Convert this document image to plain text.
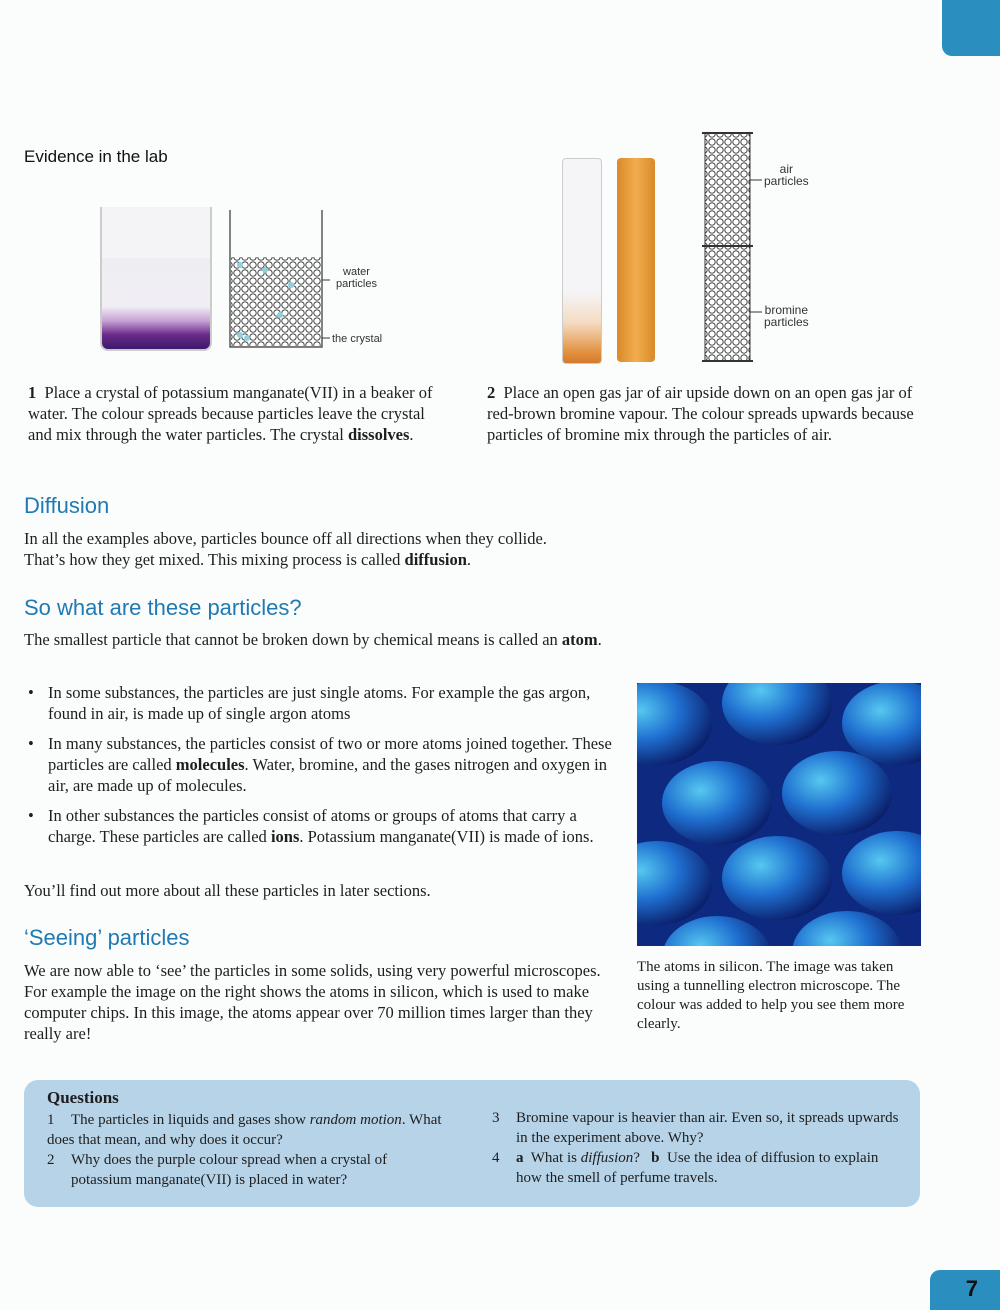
Evidence in the lab
water
particles
the crystal
air
particles
bromine
particles
1 Place a crystal of potassium manganate(VII) in a beaker of water. The colour spreads because particles leave the crystal and mix through the water particles. The crystal dissolves.
2 Place an open gas jar of air upside down on an open gas jar of red-brown bromine vapour. The colour spreads upwards because particles of bromine mix through the particles of air.
Diffusion
In all the examples above, particles bounce off all directions when they collide. That’s how they get mixed. This mixing process is called diffusion.
So what are these particles?
The smallest particle that cannot be broken down by chemical means is called an atom.
• In some substances, the particles are just single atoms. For example the gas argon, found in air, is made up of single argon atoms
• In many substances, the particles consist of two or more atoms joined together. These particles are called molecules. Water, bromine, and the gases nitrogen and oxygen in air, are made up of molecules.
• In other substances the particles consist of atoms or groups of atoms that carry a charge. These particles are called ions. Potassium manganate(VII) is made of ions.
You’ll find out more about all these particles in later sections.
‘Seeing’ particles
We are now able to ‘see’ the particles in some solids, using very powerful microscopes. For example the image on the right shows the atoms in silicon, which is used to make computer chips. In this image, the atoms appear over 70 million times larger than they really are!
The atoms in silicon. The image was taken using a tunnelling electron microscope. The colour was added to help you see them more clearly.
Questions
1 The particles in liquids and gases show random motion. What does that mean, and why does it occur?
2	Why does the purple colour spread when a crystal of potassium manganate(VII) is placed in water?
3	Bromine vapour is heavier than air. Even so, it spreads upwards in the experiment above. Why?
4	a What is diffusion? b Use the idea of diffusion to explain how the smell of perfume travels.
7
